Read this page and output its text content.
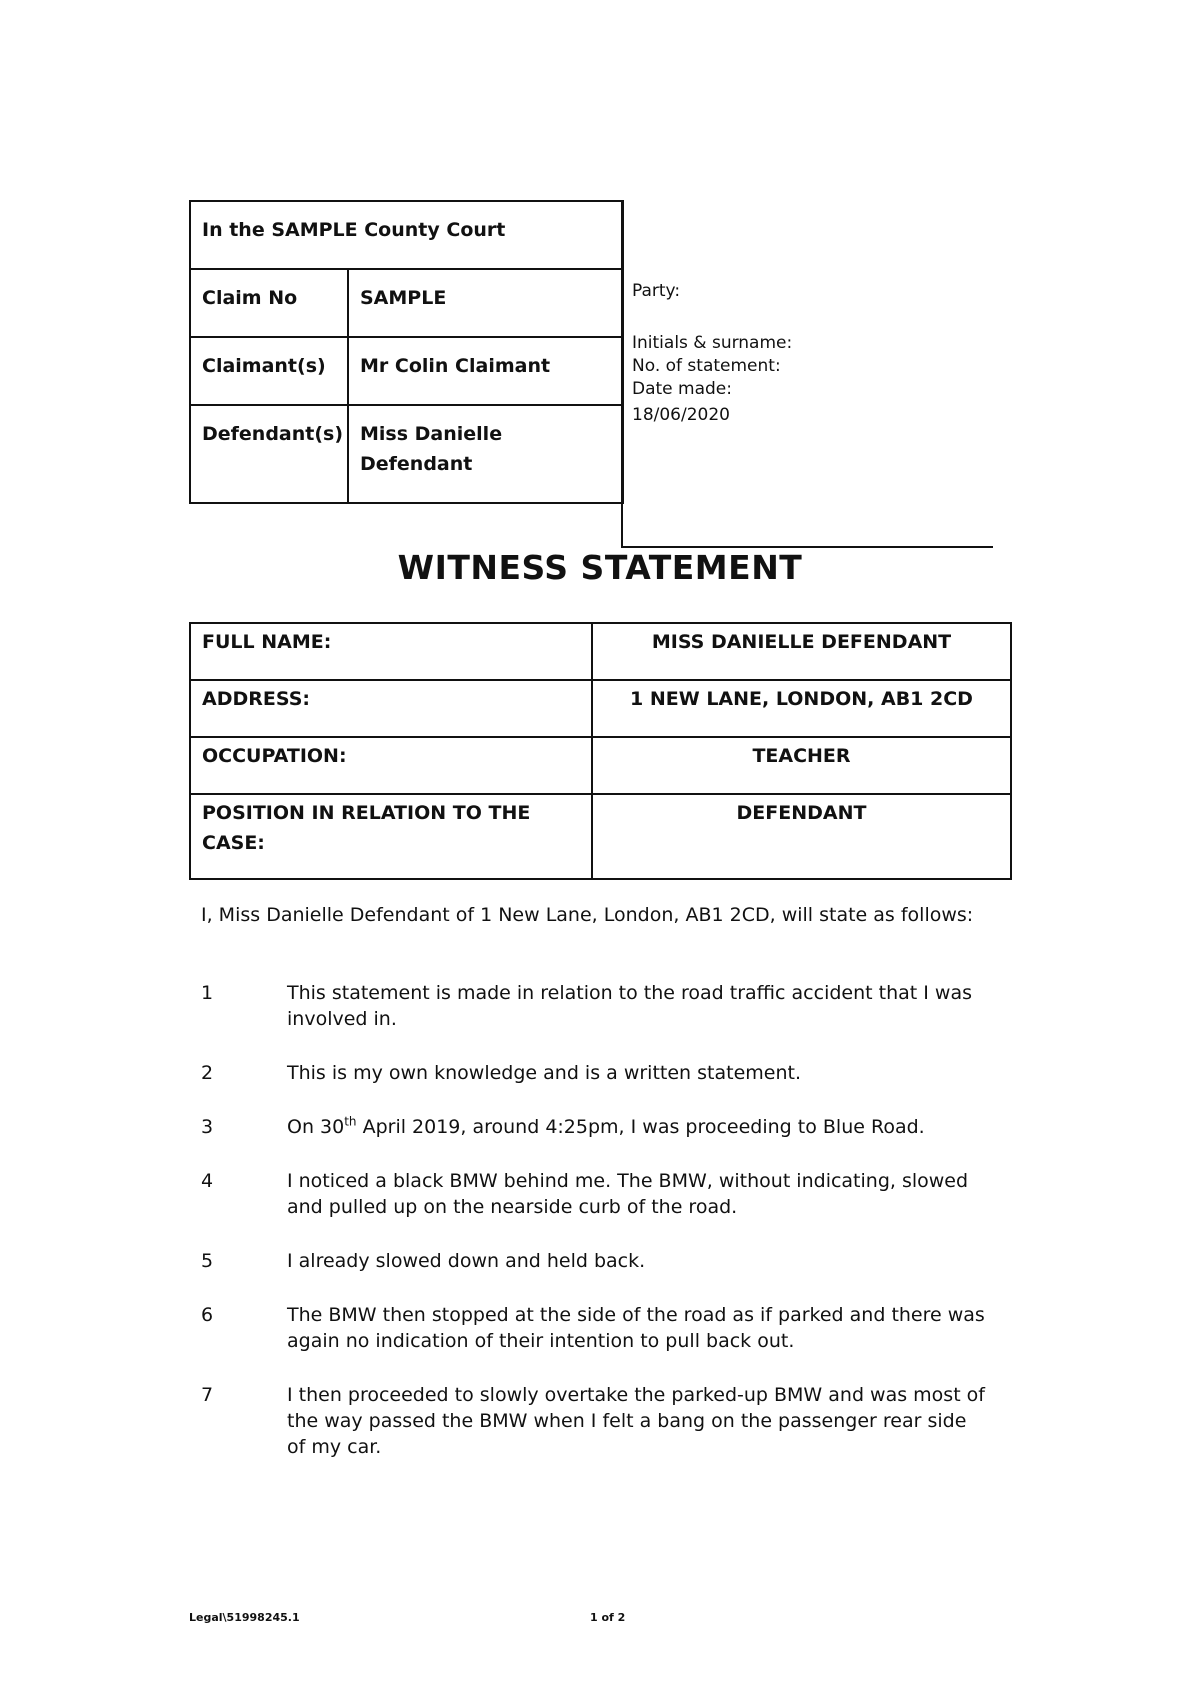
In the SAMPLE County Court	
Claim No	SAMPLE
Claimant(s)	Mr Colin Claimant
Defendant(s)	Miss Danielle Defendant
Party:
Initials & surname:
No. of statement:
Date made:
18/06/2020
WITNESS STATEMENT
FULL NAME:	MISS DANIELLE DEFENDANT
ADDRESS:	1 NEW LANE, LONDON, AB1 2CD
OCCUPATION:	TEACHER
POSITION IN RELATION TO THE CASE:	DEFENDANT
I, Miss Danielle Defendant of 1 New Lane, London, AB1 2CD, will state as follows:
1	This statement is made in relation to the road traffic accident that I was involved in.
2	This is my own knowledge and is a written statement.
3	On 30th April 2019, around 4:25pm, I was proceeding to Blue Road.
4	I noticed a black BMW behind me. The BMW, without indicating, slowed and pulled up on the nearside curb of the road.
5	I already slowed down and held back.
6	The BMW then stopped at the side of the road as if parked and there was again no indication of their intention to pull back out.
7	I then proceeded to slowly overtake the parked-up BMW and was most of the way passed the BMW when I felt a bang on the passenger rear side of my car.
Legal\51998245.1	1 of 2
